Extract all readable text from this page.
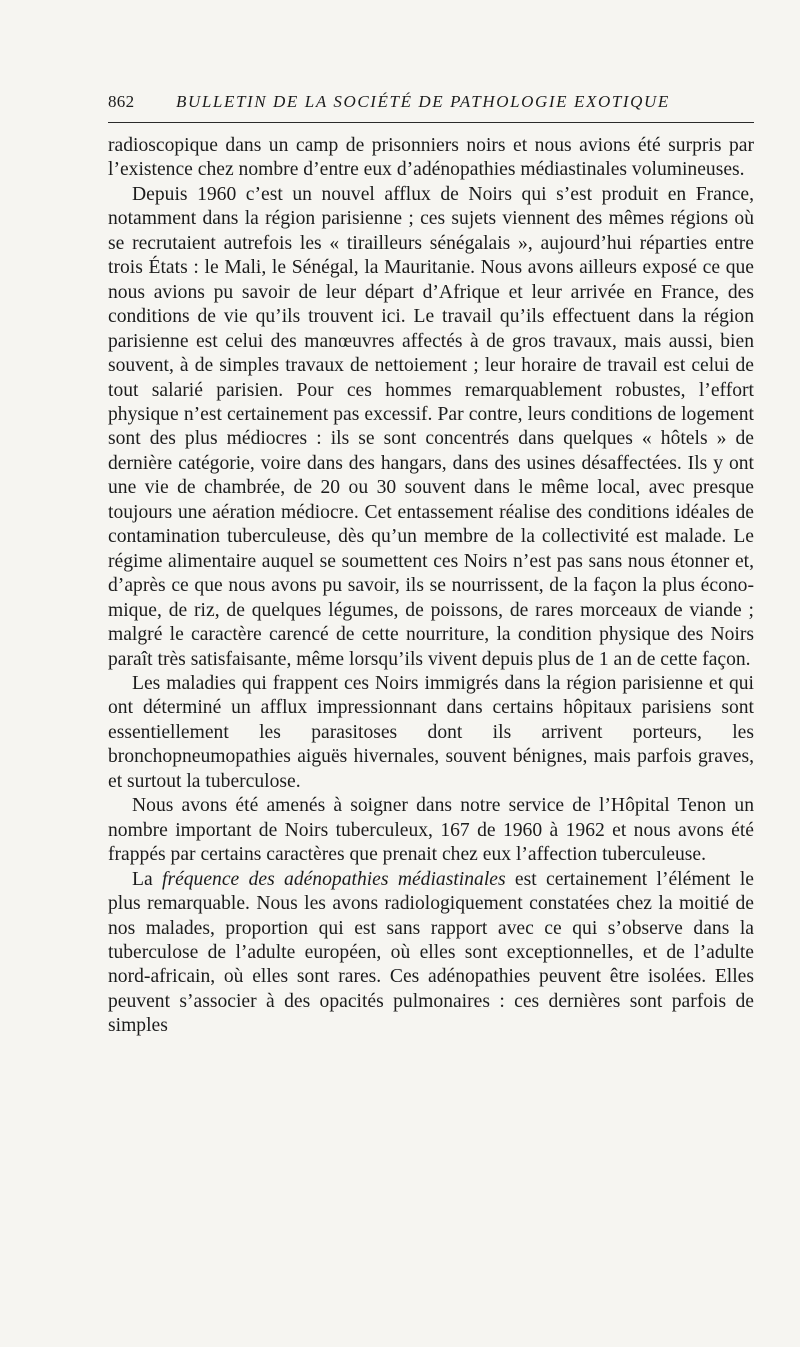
862 BULLETIN DE LA SOCIÉTÉ DE PATHOLOGIE EXOTIQUE

radioscopique dans un camp de prisonniers noirs et nous avions été surpris par l’existence chez nombre d’entre eux d’adénopathies médiastinales volumineuses.

Depuis 1960 c’est un nouvel afflux de Noirs qui s’est produit en France, notamment dans la région parisienne ; ces sujets viennent des mêmes régions où se recrutaient autrefois les « tirailleurs sénégalais », aujourd’hui réparties entre trois États : le Mali, le Sénégal, la Mauritanie. Nous avons ailleurs exposé ce que nous avions pu savoir de leur départ d’Afrique et leur arrivée en France, des conditions de vie qu’ils trouvent ici. Le travail qu’ils effectuent dans la région parisienne est celui des manœuvres affectés à de gros travaux, mais aussi, bien souvent, à de simples travaux de nettoiement ; leur horaire de travail est celui de tout salarié parisien. Pour ces hommes remarquablement robustes, l’effort physique n’est certainement pas excessif. Par contre, leurs conditions de logement sont des plus médiocres : ils se sont concentrés dans quelques « hôtels » de dernière catégorie, voire dans des hangars, dans des usines désaffectées. Ils y ont une vie de chambrée, de 20 ou 30 souvent dans le même local, avec presque toujours une aération médiocre. Cet entassement réalise des conditions idéales de contamination tuberculeuse, dès qu’un membre de la collectivité est malade. Le régime alimentaire auquel se soumettent ces Noirs n’est pas sans nous étonner et, d’après ce que nous avons pu savoir, ils se nourrissent, de la façon la plus économique, de riz, de quelques légumes, de poissons, de rares morceaux de viande ; malgré le caractère carencé de cette nourriture, la condition physique des Noirs paraît très satisfaisante, même lorsqu’ils vivent depuis plus de 1 an de cette façon.

Les maladies qui frappent ces Noirs immigrés dans la région parisienne et qui ont déterminé un afflux impressionnant dans certains hôpitaux parisiens sont essentiellement les parasitoses dont ils arrivent porteurs, les bronchopneumopathies aiguës hivernales, souvent bénignes, mais parfois graves, et surtout la tuberculose.

Nous avons été amenés à soigner dans notre service de l’Hôpital Tenon un nombre important de Noirs tuberculeux, 167 de 1960 à 1962 et nous avons été frappés par certains caractères que prenait chez eux l’affection tuberculeuse.

La fréquence des adénopathies médiastinales est certainement l’élément le plus remarquable. Nous les avons radiologiquement constatées chez la moitié de nos malades, proportion qui est sans rapport avec ce qui s’observe dans la tuberculose de l’adulte européen, où elles sont exceptionnelles, et de l’adulte nord-africain, où elles sont rares. Ces adénopathies peuvent être isolées. Elles peuvent s’associer à des opacités pulmonaires : ces dernières sont parfois de simples
